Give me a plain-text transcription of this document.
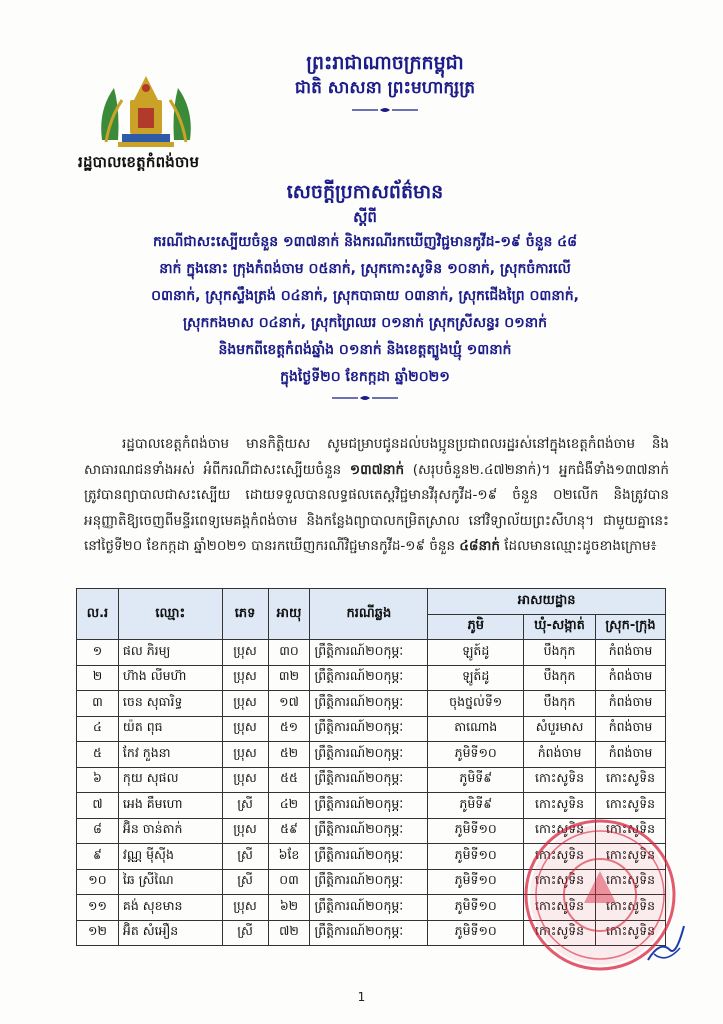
រដ្ឋបាលខេត្តកំពង់ចាម
ព្រះរាជាណាចក្រកម្ពុជា
ជាតិ សាសនា ព្រះមហាក្សត្រ
សេចក្តីប្រកាសព័ត៌មាន
ស្តីពី
ករណីជាសះស្បើយចំនួន ១៣៧នាក់ និងករណីរកឃើញវិជ្ជមានកូវីដ-១៩ ចំនួន ៤៨
នាក់ ក្នុងនោះ ក្រុងកំពង់ចាម ០៥នាក់, ស្រុកកោះសូទិន ១០នាក់, ស្រុកចំការលើ
០៣នាក់, ស្រុកស្ទឹងត្រង់ ០៤នាក់, ស្រុកបាធាយ ០៣នាក់, ស្រុកជើងព្រៃ ០៣នាក់,
ស្រុកកងមាស ០៤នាក់, ស្រុកព្រៃឈរ ០១នាក់ ស្រុកស្រីសន្ធរ ០១នាក់
និងមកពីខេត្តកំពង់ឆ្នាំង ០១នាក់ និងខេត្តត្បូងឃ្មុំ ១៣នាក់
ក្នុងថ្ងៃទី២០ ខែកក្កដា ឆ្នាំ២០២១
រដ្ឋបាលខេត្តកំពង់ចាម មានកិត្តិយស សូមជម្រាបជូនដល់បងប្អូនប្រជាពលរដ្ឋរស់នៅក្នុងខេត្តកំពង់ចាម និងសាធារណជនទាំងអស់ អំពីករណីជាសះស្បើយចំនួន ១៣៧នាក់ (សរុបចំនួន២.៤៧២នាក់)។ អ្នកជំងឺទាំង១៣៧នាក់ ត្រូវបានព្យាបាលជាសះស្បើយ ដោយទទួលបានលទ្ធផលតេស្តវិជ្ជមានវីរុសកូវីដ-១៩ ចំនួន ០២លើក និងត្រូវបានអនុញ្ញាតិឱ្យចេញពីមន្ទីរពេទ្យមេគង្គកំពង់ចាម និងកន្លែងព្យាបាលកម្រិតស្រាល នៅវិទ្យាល័យព្រះសីហនុ។ ជាមួយគ្នានេះ នៅថ្ងៃទី២០ ខែកក្កដា ឆ្នាំ២០២១ បានរកឃើញករណីវិជ្ជមានកូវីដ-១៩ ចំនួន ៤៨នាក់ ដែលមានឈ្មោះដូចខាងក្រោម៖
ល.រ	ឈ្មោះ	ភេទ	អាយុ	ករណីឆ្លង	អាសយដ្ឋាន		
					ភូមិ	ឃុំ-សង្កាត់	ស្រុក-ក្រុង
១	ផល ភិរម្យ	ប្រុស	៣០	ព្រឹត្តិការណ៍២០កុម្ភៈ	ឡូត៍ដូ	បឹងកុក	កំពង់ចាម
២	ហ៊ាង លីមហ៊ា	ប្រុស	៣២	ព្រឹត្តិការណ៍២០កុម្ភៈ	ឡូត៍ដូ	បឹងកុក	កំពង់ចាម
៣	ចេន សុធារិទ្ធ	ប្រុស	១៧	ព្រឹត្តិការណ៍២០កុម្ភៈ	ចុងថ្នល់ទី១	បឹងកុក	កំពង់ចាម
៤	យ៉ត ពុធ	ប្រុស	៥១	ព្រឹត្តិការណ៍២០កុម្ភៈ	តាណោង	សំបួរមាស	កំពង់ចាម
៥	កែវ កួងនា	ប្រុស	៥២	ព្រឹត្តិការណ៍២០កុម្ភៈ	ភូមិទី១០	កំពង់ចាម	កំពង់ចាម
៦	កុយ សុផល	ប្រុស	៥៥	ព្រឹត្តិការណ៍២០កុម្ភៈ	ភូមិទី៩	កោះសូទិន	កោះសូទិន
៧	អេង គឹមហោ	ស្រី	៤២	ព្រឹត្តិការណ៍២០កុម្ភៈ	ភូមិទី៩	កោះសូទិន	កោះសូទិន
៨	អ៊ិន ចាន់តាក់	ប្រុស	៥៩	ព្រឹត្តិការណ៍២០កុម្ភៈ	ភូមិទី១០	កោះសូទិន	កោះសូទិន
៩	វណ្ណ មុីស៊ីង	ស្រី	៦ខែ	ព្រឹត្តិការណ៍២០កុម្ភៈ	ភូមិទី១០	កោះសូទិន	កោះសូទិន
១០	ឆៃ ស្រីណៃ	ស្រី	០៣	ព្រឹត្តិការណ៍២០កុម្ភៈ	ភូមិទី១០	កោះសូទិន	កោះសូទិន
១១	គង់ សុខមាន	ប្រុស	៦២	ព្រឹត្តិការណ៍២០កុម្ភៈ	ភូមិទី១០	កោះសូទិន	កោះសូទិន
១២	អ៊ិត សំអឿន	ស្រី	៧២	ព្រឹត្តិការណ៍២០កុម្ភៈ	ភូមិទី១០	កោះសូទិន	កោះសូទិន
1
